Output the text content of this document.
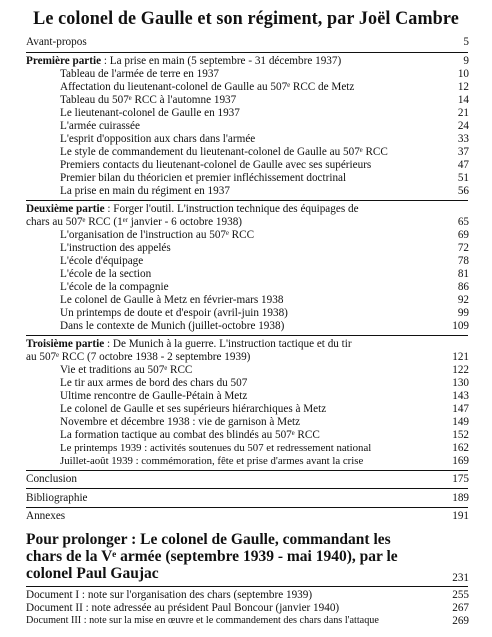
Le colonel de Gaulle et son régiment, par Joël Cambre
Avant-propos	5
Première partie : La prise en main (5 septembre - 31 décembre 1937)	9
Tableau de l'armée de terre en 1937	10
Affectation du lieutenant-colonel de Gaulle au 507ᵉ RCC de Metz	12
Tableau du 507ᵉ RCC à l'automne 1937	14
Le lieutenant-colonel de Gaulle en 1937	21
L'armée cuirassée	24
L'esprit d'opposition aux chars dans l'armée	33
Le style de commandement du lieutenant-colonel de Gaulle au 507ᵉ RCC	37
Premiers contacts du lieutenant-colonel de Gaulle avec ses supérieurs	47
Premier bilan du théoricien et premier infléchissement doctrinal	51
La prise en main du régiment en 1937	56
Deuxième partie : Forger l'outil. L'instruction technique des équipages de
chars au 507ᵉ RCC (1ᵉʳ janvier - 6 octobre 1938)	65
L'organisation de l'instruction au 507ᵉ RCC	69
L'instruction des appelés	72
L'école d'équipage	78
L'école de la section	81
L'école de la compagnie	86
Le colonel de Gaulle à Metz en février-mars 1938	92
Un printemps de doute et d'espoir (avril-juin 1938)	99
Dans le contexte de Munich (juillet-octobre 1938)	109
Troisième partie : De Munich à la guerre. L'instruction tactique et du tir
au 507ᵉ RCC (7 octobre 1938 - 2 septembre 1939)	121
Vie et traditions au 507ᵉ RCC	122
Le tir aux armes de bord des chars du 507	130
Ultime rencontre de Gaulle-Pétain à Metz	143
Le colonel de Gaulle et ses supérieurs hiérarchiques à Metz	147
Novembre et décembre 1938 : vie de garnison à Metz	149
La formation tactique au combat des blindés au 507ᵉ RCC	152
Le printemps 1939 : activités soutenues du 507 et redressement national	162
Juillet-août 1939 : commémoration, fête et prise d'armes avant la crise	169
Conclusion	175
Bibliographie	189
Annexes	191
Pour prolonger : Le colonel de Gaulle, commandant les
chars de la Vᵉ armée (septembre 1939 - mai 1940), par le
colonel Paul Gaujac	231
Document I : note sur l'organisation des chars (septembre 1939)	255
Document II : note adressée au président Paul Boncour (janvier 1940)	267
Document III : note sur la mise en œuvre et le commandement des chars dans l'attaque	269
